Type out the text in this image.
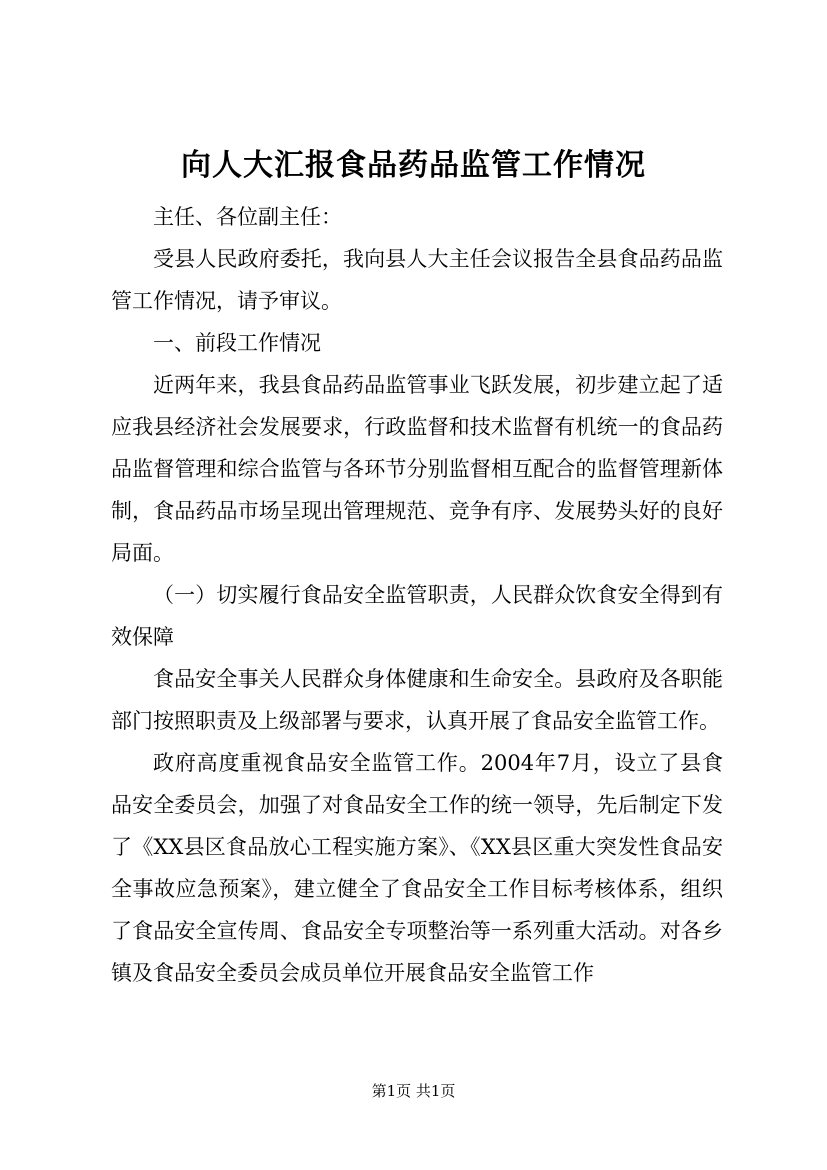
向人大汇报食品药品监管工作情况

主任、各位副主任：

受县人民政府委托，我向县人大主任会议报告全县食品药品监管工作情况，请予审议。

一、前段工作情况

近两年来，我县食品药品监管事业飞跃发展，初步建立起了适应我县经济社会发展要求，行政监督和技术监督有机统一的食品药品监督管理和综合监管与各环节分别监督相互配合的监督管理新体制，食品药品市场呈现出管理规范、竞争有序、发展势头好的良好局面。

（一）切实履行食品安全监管职责，人民群众饮食安全得到有效保障

食品安全事关人民群众身体健康和生命安全。县政府及各职能部门按照职责及上级部署与要求，认真开展了食品安全监管工作。

政府高度重视食品安全监管工作。2004年7月，设立了县食品安全委员会，加强了对食品安全工作的统一领导，先后制定下发了《XX县区食品放心工程实施方案》、《XX县区重大突发性食品安全事故应急预案》，建立健全了食品安全工作目标考核体系，组织了食品安全宣传周、食品安全专项整治等一系列重大活动。对各乡镇及食品安全委员会成员单位开展食品安全监管工作

第1页 共1页
